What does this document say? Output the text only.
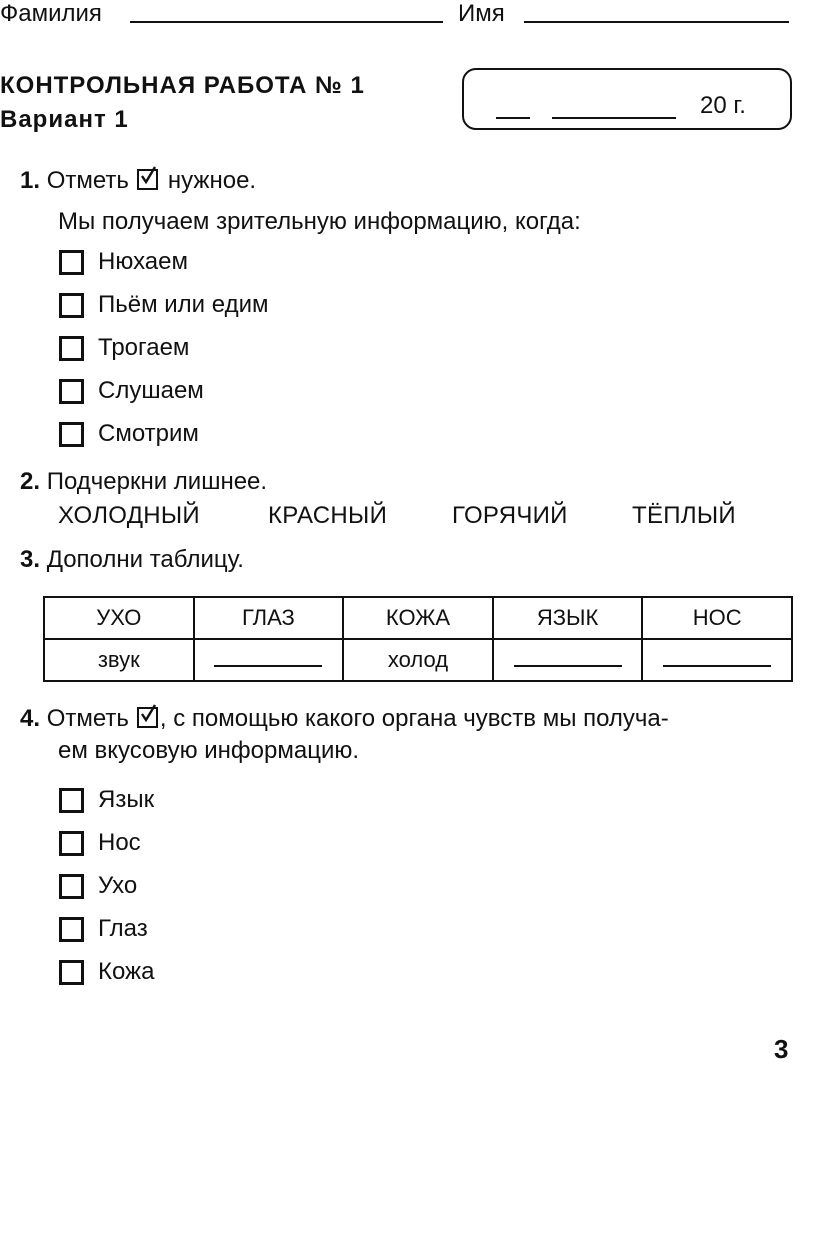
Фамилия	Имя
КОНТРОЛЬНАЯ РАБОТА № 1
Вариант 1
20 г.
1. Отметь нужное.
Мы получаем зрительную информацию, когда:
Нюхаем
Пьём или едим
Трогаем
Слушаем
Смотрим
2. Подчеркни лишнее.
ХОЛОДНЫЙ	КРАСНЫЙ	ГОРЯЧИЙ	ТЁПЛЫЙ
3. Дополни таблицу.
УХО	ГЛАЗ	КОЖА	ЯЗЫК	НОС
звук		холод		
4. Отметь , с помощью какого органа чувств мы получа-
ем вкусовую информацию.
Язык
Нос
Ухо
Глаз
Кожа
3
